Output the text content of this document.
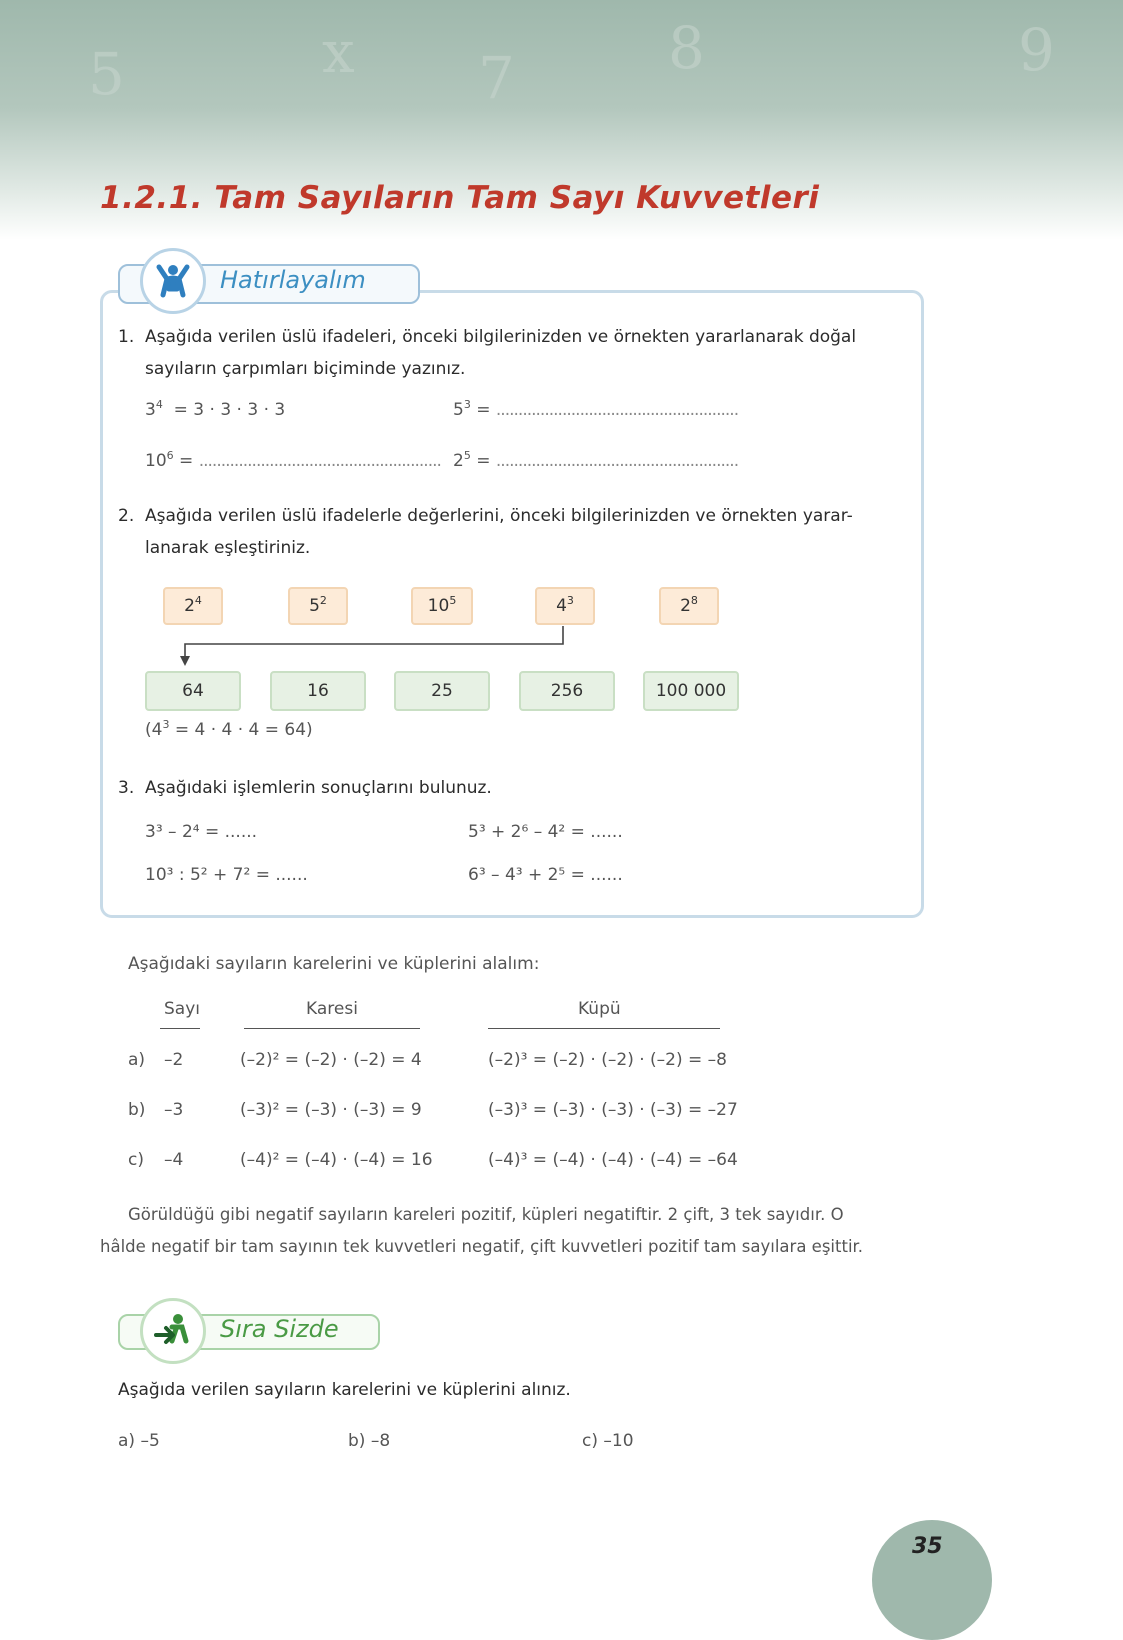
5	x 7	8	9
1.2.1. Tam Sayıların Tam Sayı Kuvvetleri
Hatırlayalım
1. Aşağıda verilen üslü ifadeleri, önceki bilgilerinizden ve örnekten yararlanarak doğal
sayıların çarpımları biçiminde yazınız.
$3^4 = 3 \cdot 3 \cdot 3 \cdot 3$	$5^3$ = .......................................................
$10^6$ = ....................................................... $2^5$ = .......................................................
2. Aşağıda verilen üslü ifadelerle değerlerini, önceki bilgilerinizden ve örnekten yarar-
lanarak eşleştiriniz.
$2^4$	$5^2$	$10^5$	$4^3$	$2^8$
64	16	25	256	100 000
$(4^3 = 4 \cdot 4 \cdot 4 = 64)$
3. Aşağıdaki işlemlerin sonuçlarını bulunuz.
3³ – 2⁴ = ......	5³ + 2⁶ – 4² = ......
10³ : 5² + 7² = ......	6³ – 4³ + 2⁵ = ......
Aşağıdaki sayıların karelerini ve küplerini alalım:
Sayı	Karesi	Küpü
a) –2	(–2)² = (–2) · (–2) = 4	(–2)³ = (–2) · (–2) · (–2) = –8
b) –3	(–3)² = (–3) · (–3) = 9	(–3)³ = (–3) · (–3) · (–3) = –27
c) –4	(–4)² = (–4) · (–4) = 16	(–4)³ = (–4) · (–4) · (–4) = –64
Görüldüğü gibi negatif sayıların kareleri pozitif, küpleri negatiftir. 2 çift, 3 tek sayıdır. O
hâlde negatif bir tam sayının tek kuvvetleri negatif, çift kuvvetleri pozitif tam sayılara eşittir.
Sıra Sizde
Aşağıda verilen sayıların karelerini ve küplerini alınız.
a) –5	b) –8	c) –10
35
